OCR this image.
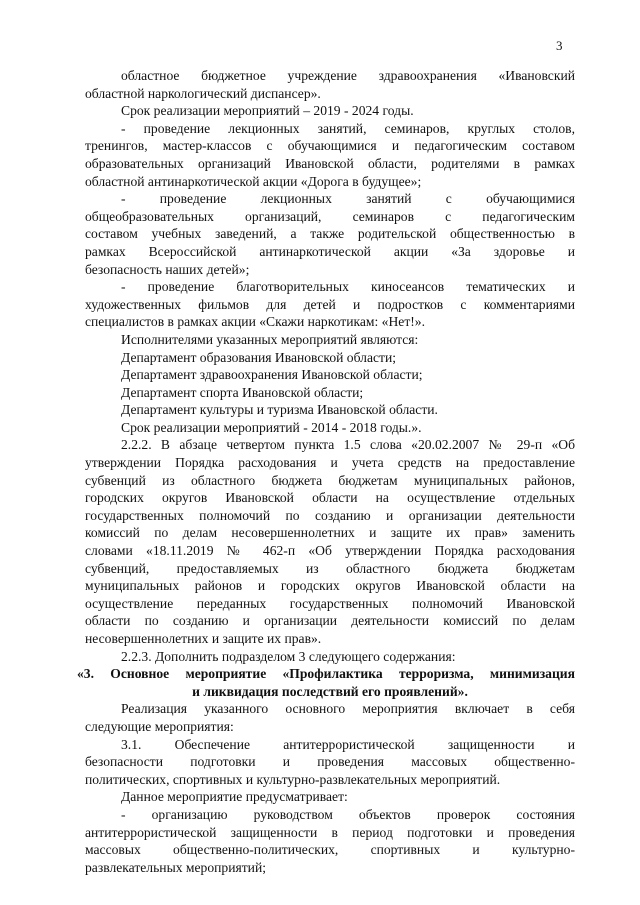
3
областное бюджетное учреждение здравоохранения «Ивановский
областной наркологический диспансер».
Срок реализации мероприятий – 2019 - 2024 годы.
- проведение лекционных занятий, семинаров, круглых столов,
тренингов, мастер-классов с обучающимися и педагогическим составом
образовательных организаций Ивановской области, родителями в рамках
областной антинаркотической акции «Дорога в будущее»;
- проведение лекционных занятий с обучающимися
общеобразовательных организаций, семинаров с педагогическим
составом учебных заведений, а также родительской общественностью в
рамках Всероссийской антинаркотической акции «За здоровье и
безопасность наших детей»;
- проведение благотворительных киносеансов тематических и
художественных фильмов для детей и подростков с комментариями
специалистов в рамках акции «Скажи наркотикам: «Нет!».
Исполнителями указанных мероприятий являются:
Департамент образования Ивановской области;
Департамент здравоохранения Ивановской области;
Департамент спорта Ивановской области;
Департамент культуры и туризма Ивановской области.
Срок реализации мероприятий - 2014 - 2018 годы.».
2.2.2. В абзаце четвертом пункта 1.5 слова «20.02.2007 № 29-п «Об
утверждении Порядка расходования и учета средств на предоставление
субвенций из областного бюджета бюджетам муниципальных районов,
городских округов Ивановской области на осуществление отдельных
государственных полномочий по созданию и организации деятельности
комиссий по делам несовершеннолетних и защите их прав» заменить
словами «18.11.2019 № 462-п «Об утверждении Порядка расходования
субвенций, предоставляемых из областного бюджета бюджетам
муниципальных районов и городских округов Ивановской области на
осуществление переданных государственных полномочий Ивановской
области по созданию и организации деятельности комиссий по делам
несовершеннолетних и защите их прав».
2.2.3. Дополнить подразделом 3 следующего содержания:
«3. Основное мероприятие «Профилактика терроризма, минимизация
и ликвидация последствий его проявлений».
Реализация указанного основного мероприятия включает в себя
следующие мероприятия:
3.1. Обеспечение антитеррористической защищенности и
безопасности подготовки и проведения массовых общественно-
политических, спортивных и культурно-развлекательных мероприятий.
Данное мероприятие предусматривает:
- организацию руководством объектов проверок состояния
антитеррористической защищенности в период подготовки и проведения
массовых общественно-политических, спортивных и культурно-
развлекательных мероприятий;
